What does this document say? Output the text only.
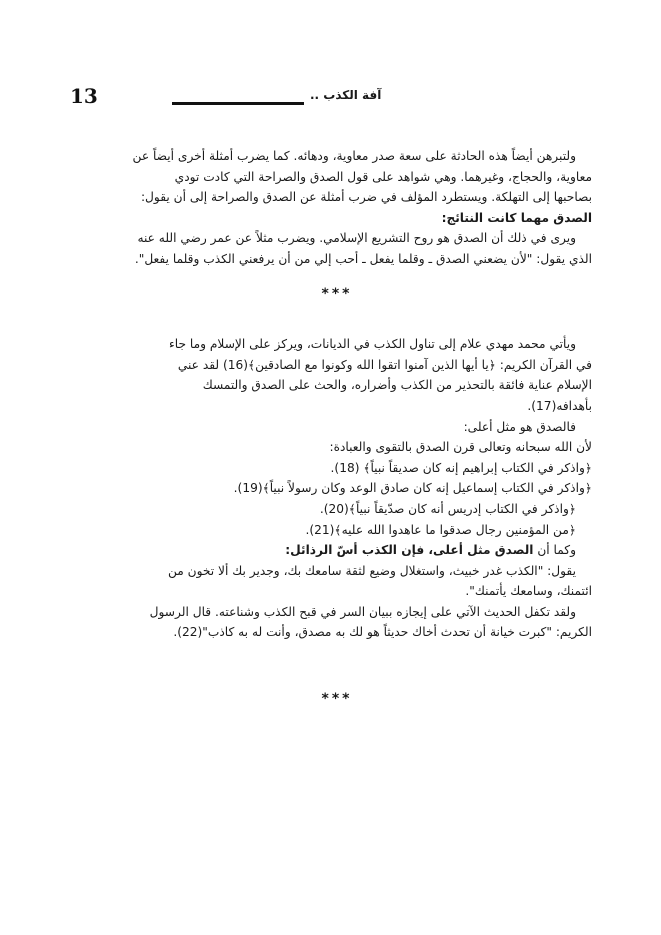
13	آفة الكذب ..

ولتبرهن أيضاً هذه الحادثة على سعة صدر معاوية، ودهائه. كما يضرب أمثلة أخرى أيضاً عن

معاوية، والحجاج، وغيرهما. وهي شواهد على قول الصدق والصراحة التي كادت تودي

بصاحبها إلى التهلكة. ويستطرد المؤلف في ضرب أمثلة عن الصدق والصراحة إلى أن يقول:

الصدق مهما كانت النتائج:

ويرى في ذلك أن الصدق هو روح التشريع الإسلامي. ويضرب مثلاً عن عمر رضي الله عنه

الذي يقول: "لأن يضعني الصدق ـ وقلما يفعل ـ أحب إلي من أن يرفعني الكذب وقلما يفعل".

***

ويأتي محمد مهدي علام إلى تناول الكذب في الديانات، ويركز على الإسلام وما جاء

في القرآن الكريم: ﴿يا أيها الذين آمنوا اتقوا الله وكونوا مع الصادقين﴾(16) لقد عني

الإسلام عناية فائقة بالتحذير من الكذب وأضراره، والحث على الصدق والتمسك

بأهدافه(17).

فالصدق هو مثل أعلى:

لأن الله سبحانه وتعالى قرن الصدق بالتقوى والعبادة:

﴿واذكر في الكتاب إبراهيم إنه كان صديقاً نبياً﴾ (18).

﴿واذكر في الكتاب إسماعيل إنه كان صادق الوعد وكان رسولاً نبياً﴾(19).

﴿واذكر في الكتاب إدريس أنه كان صدّيقاً نبياً﴾(20).

﴿من المؤمنين رجال صدقوا ما عاهدوا الله عليه﴾(21).

وكما أن الصدق مثل أعلى، فإن الكذب أسّ الرذائل:

يقول: "الكذب غدر خبيث، واستغلال وضيع لثقة سامعك بك، وجدير بك ألا تخون من

ائتمنك، وسامعك يأتمنك".

ولقد تكفل الحديث الآتي على إيجازه ببيان السر في قبح الكذب وشناعته. قال الرسول

الكريم: "كبرت خيانة أن تحدث أخاك حديثاً هو لك به مصدق، وأنت له به كاذب"(22).

***
